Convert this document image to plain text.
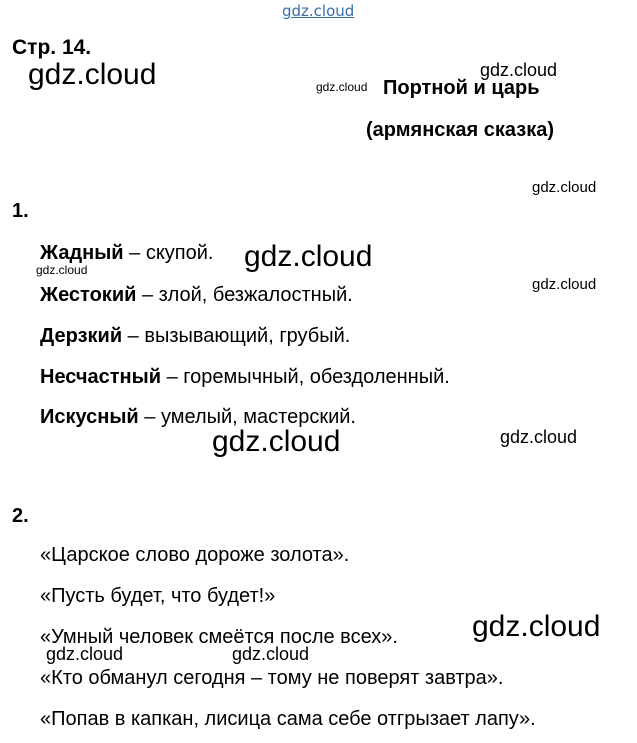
gdz.cloud
Стр. 14.
Портной и царь
(армянская сказка)
1.
Жадный – скупой.
Жестокий – злой, безжалостный.
Дерзкий – вызывающий, грубый.
Несчастный – горемычный, обездоленный.
Искусный – умелый, мастерский.
2.
«Царское слово дороже золота».
«Пусть будет, что будет!»
«Умный человек смеётся после всех».
«Кто обманул сегодня – тому не поверят завтра».
«Попав в капкан, лисица сама себе отгрызает лапу».
gdz.cloud	gdz.cloud
gdz.cloud
gdz.cloud
gdz.cloud
gdz.cloud
gdz.cloud
gdz.cloud	gdz.cloud
gdz.cloud
gdz.cloud	gdz.cloud
